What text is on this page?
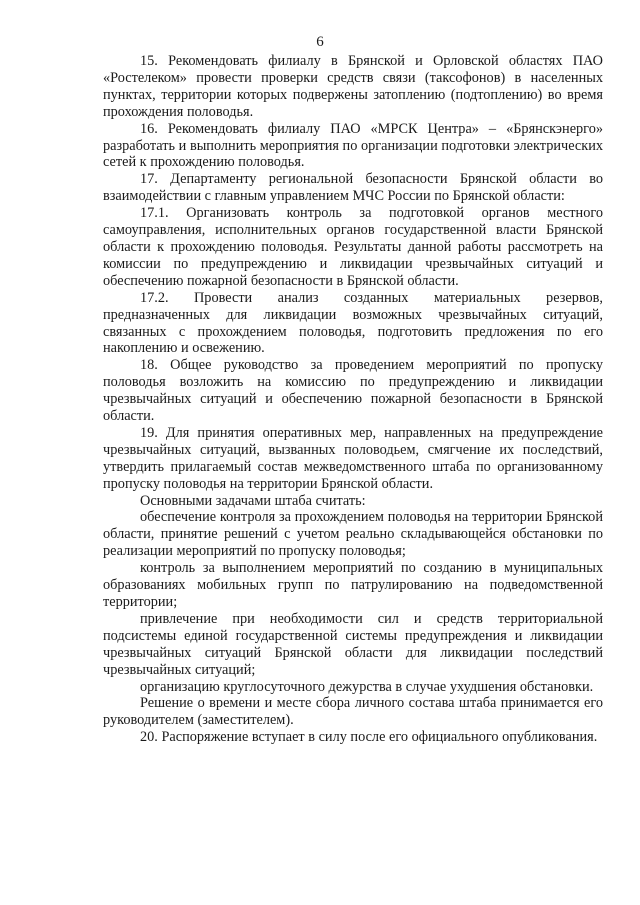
6

15. Рекомендовать филиалу в Брянской и Орловской областях ПАО «Ростелеком» провести проверки средств связи (таксофонов) в населенных пунктах, территории которых подвержены затоплению (подтоплению) во время прохождения половодья.

16. Рекомендовать филиалу ПАО «МРСК Центра» – «Брянскэнерго» разработать и выполнить мероприятия по организации подготовки электрических сетей к прохождению половодья.

17. Департаменту региональной безопасности Брянской области во взаимодействии с главным управлением МЧС России по Брянской области:

17.1. Организовать контроль за подготовкой органов местного самоуправления, исполнительных органов государственной власти Брянской области к прохождению половодья. Результаты данной работы рассмотреть на комиссии по предупреждению и ликвидации чрезвычайных ситуаций и обеспечению пожарной безопасности в Брянской области.

17.2. Провести анализ созданных материальных резервов, предназначенных для ликвидации возможных чрезвычайных ситуаций, связанных с прохождением половодья, подготовить предложения по его накоплению и освежению.

18. Общее руководство за проведением мероприятий по пропуску половодья возложить на комиссию по предупреждению и ликвидации чрезвычайных ситуаций и обеспечению пожарной безопасности в Брянской области.

19. Для принятия оперативных мер, направленных на предупреждение чрезвычайных ситуаций, вызванных половодьем, смягчение их последствий, утвердить прилагаемый состав межведомственного штаба по организованному пропуску половодья на территории Брянской области.

Основными задачами штаба считать:

обеспечение контроля за прохождением половодья на территории Брянской области, принятие решений с учетом реально складывающейся обстановки по реализации мероприятий по пропуску половодья;

контроль за выполнением мероприятий по созданию в муниципальных образованиях мобильных групп по патрулированию на подведомственной территории;

привлечение при необходимости сил и средств территориальной подсистемы единой государственной системы предупреждения и ликвидации чрезвычайных ситуаций Брянской области для ликвидации последствий чрезвычайных ситуаций;

организацию круглосуточного дежурства в случае ухудшения обстановки.

Решение о времени и месте сбора личного состава штаба принимается его руководителем (заместителем).

20. Распоряжение вступает в силу после его официального опубликования.
